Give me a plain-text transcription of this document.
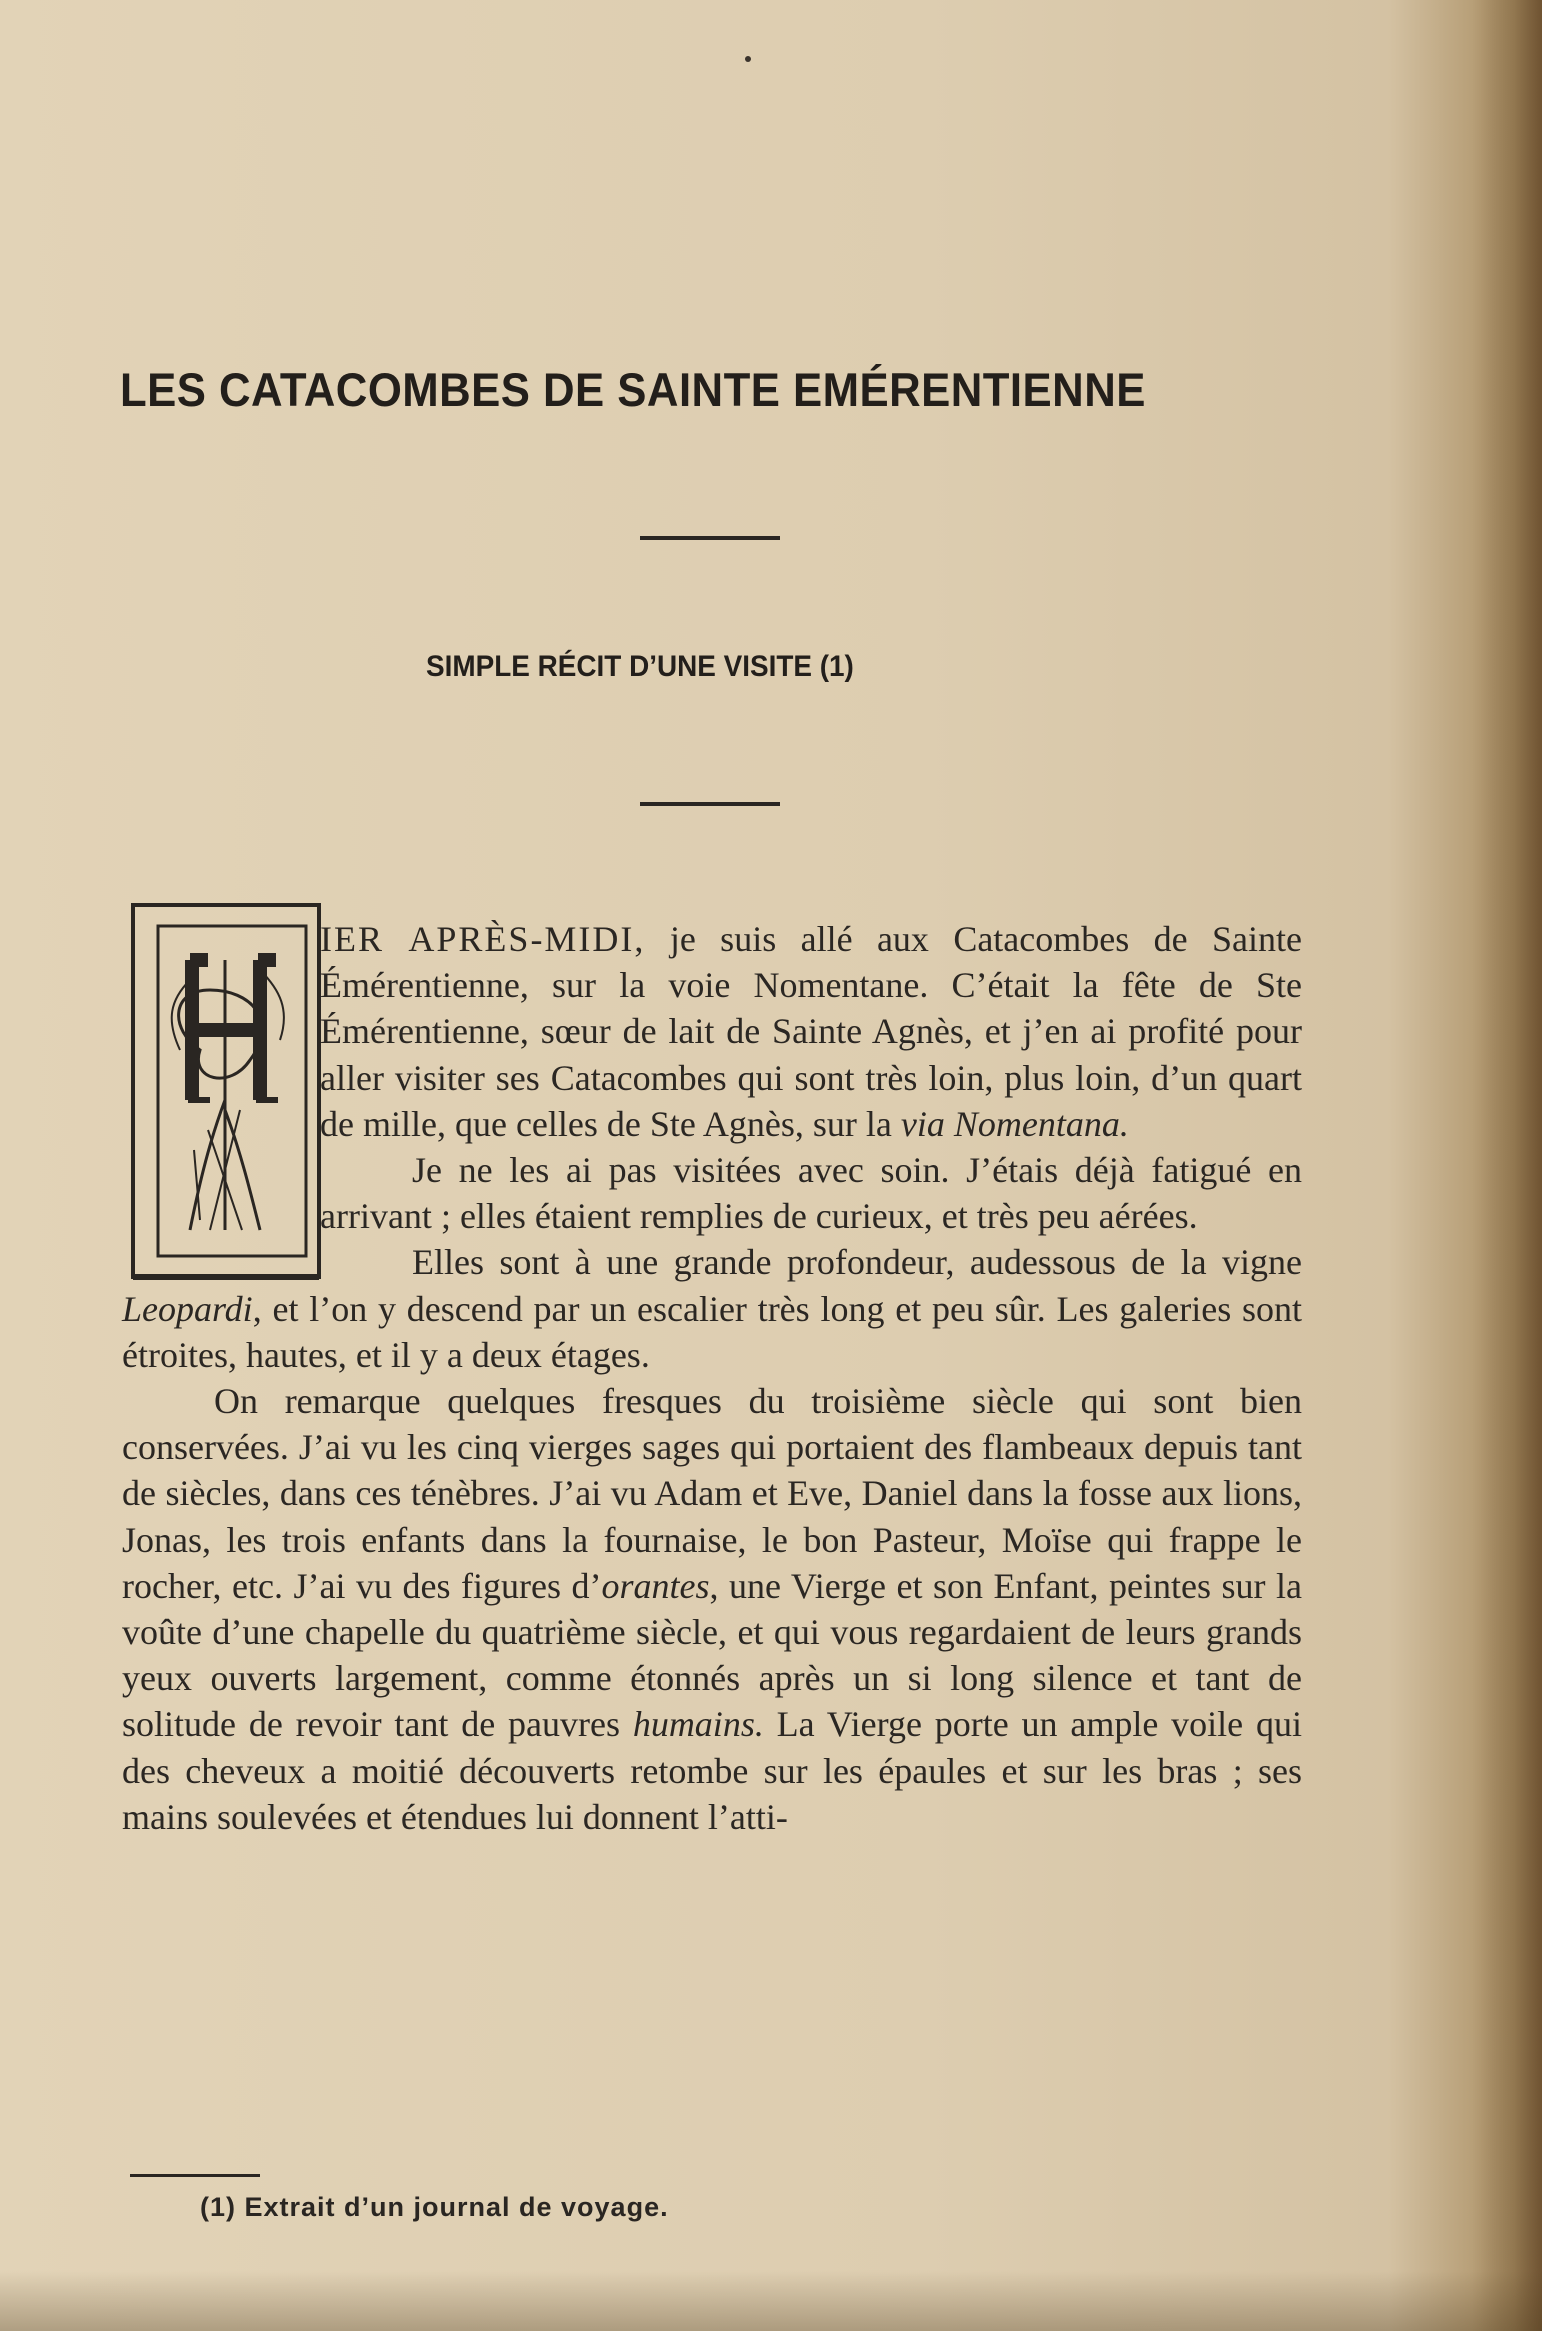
LES CATACOMBES DE SAINTE EMÉRENTIENNE
SIMPLE RÉCIT D’UNE VISITE (1)

IER APRÈS-MIDI, je suis allé aux Catacombes de Sainte Émérentienne, sur la voie Nomentane. C’était la fête de Ste Émérentienne, sœur de lait de Sainte Agnès, et j’en ai profité pour aller visiter ses Catacombes qui sont très loin, plus loin, d’un quart de mille, que celles de Ste Agnès, sur la via Nomentana.

Je ne les ai pas visitées avec soin. J’étais déjà fatigué en arrivant ; elles étaient remplies de curieux, et très peu aérées.

Elles sont à une grande profondeur, audessous de la vigne Leopardi, et l’on y descend par un escalier très long et peu sûr. Les galeries sont étroites, hautes, et il y a deux étages.

On remarque quelques fresques du troisième siècle qui sont bien conservées. J’ai vu les cinq vierges sages qui portaient des flambeaux depuis tant de siècles, dans ces ténèbres. J’ai vu Adam et Eve, Daniel dans la fosse aux lions, Jonas, les trois enfants dans la fournaise, le bon Pasteur, Moïse qui frappe le rocher, etc. J’ai vu des figures d’orantes, une Vierge et son Enfant, peintes sur la voûte d’une chapelle du quatrième siècle, et qui vous regardaient de leurs grands yeux ouverts largement, comme étonnés après un si long silence et tant de solitude de revoir tant de pauvres humains. La Vierge porte un ample voile qui des cheveux a moitié découverts retombe sur les épaules et sur les bras ; ses mains soulevées et étendues lui donnent l’atti-

(1) Extrait d’un journal de voyage.
